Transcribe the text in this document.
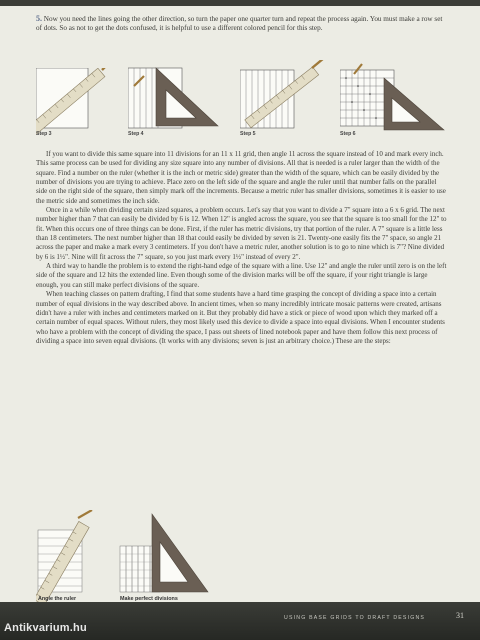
5. Now you need the lines going the other direction, so turn the paper one quarter turn and repeat the process again. You must make a row set of dots. So as not to get the dots confused, it is helpful to use a different colored pencil for this step.

Step 3	Step 4	Step 5	Step 6

If you want to divide this same square into 11 divisions for an 11 x 11 grid, then angle 11 across the square instead of 10 and mark every inch. This same process can be used for dividing any size square into any number of divisions. All that is needed is a ruler larger than the width of the square. Find a number on the ruler (whether it is the inch or metric side) greater than the width of the square, which can be easily divided by the number of divisions you are trying to achieve. Place zero on the left side of the square and angle the ruler until that number falls on the parallel side on the right side of the square, then simply mark off the increments. Because a metric ruler has smaller divisions, sometimes it is easier to use the metric side and sometimes the inch side.

Once in a while when dividing certain sized squares, a problem occurs. Let's say that you want to divide a 7" square into a 6 x 6 grid. The next number higher than 7 that can easily be divided by 6 is 12. When 12" is angled across the square, you see that the square is too small for the 12" to fit. When this occurs one of three things can be done. First, if the ruler has metric divisions, try that portion of the ruler. A 7" square is a little less than 18 centimeters. The next number higher than 18 that could easily be divided by seven is 21. Twenty-one easily fits the 7" space, so angle 21 across the paper and make a mark every 3 centimeters. If you don't have a metric ruler, another solution is to go to nine which is 7"? Nine divided by 6 is 1½". Nine will fit across the 7" square, so you just mark every 1½" instead of every 2".

A third way to handle the problem is to extend the right-hand edge of the square with a line. Use 12" and angle the ruler until zero is on the left side of the square and 12 hits the extended line. Even though some of the division marks will be off the square, if your right triangle is large enough, you can still make perfect divisions of the square.

When teaching classes on pattern drafting, I find that some students have a hard time grasping the concept of dividing a space into a certain number of equal divisions in the way described above. In ancient times, when so many incredibly intricate mosaic patterns were created, artisans didn't have a ruler with inches and centimeters marked on it. But they probably did have a stick or piece of wood upon which they marked off a certain number of equal spaces. Without rulers, they most likely used this device to divide a space into equal divisions. When I encounter students who have a problem with the concept of dividing the space, I pass out sheets of lined notebook paper and have them follow this next process of dividing a space into seven equal divisions. (It works with any divisions; seven is just an arbitrary choice.) These are the steps:

Angle the ruler	Make perfect divisions
USING BASE GRIDS TO DRAFT DESIGNS	31
Antikvarium.hu
